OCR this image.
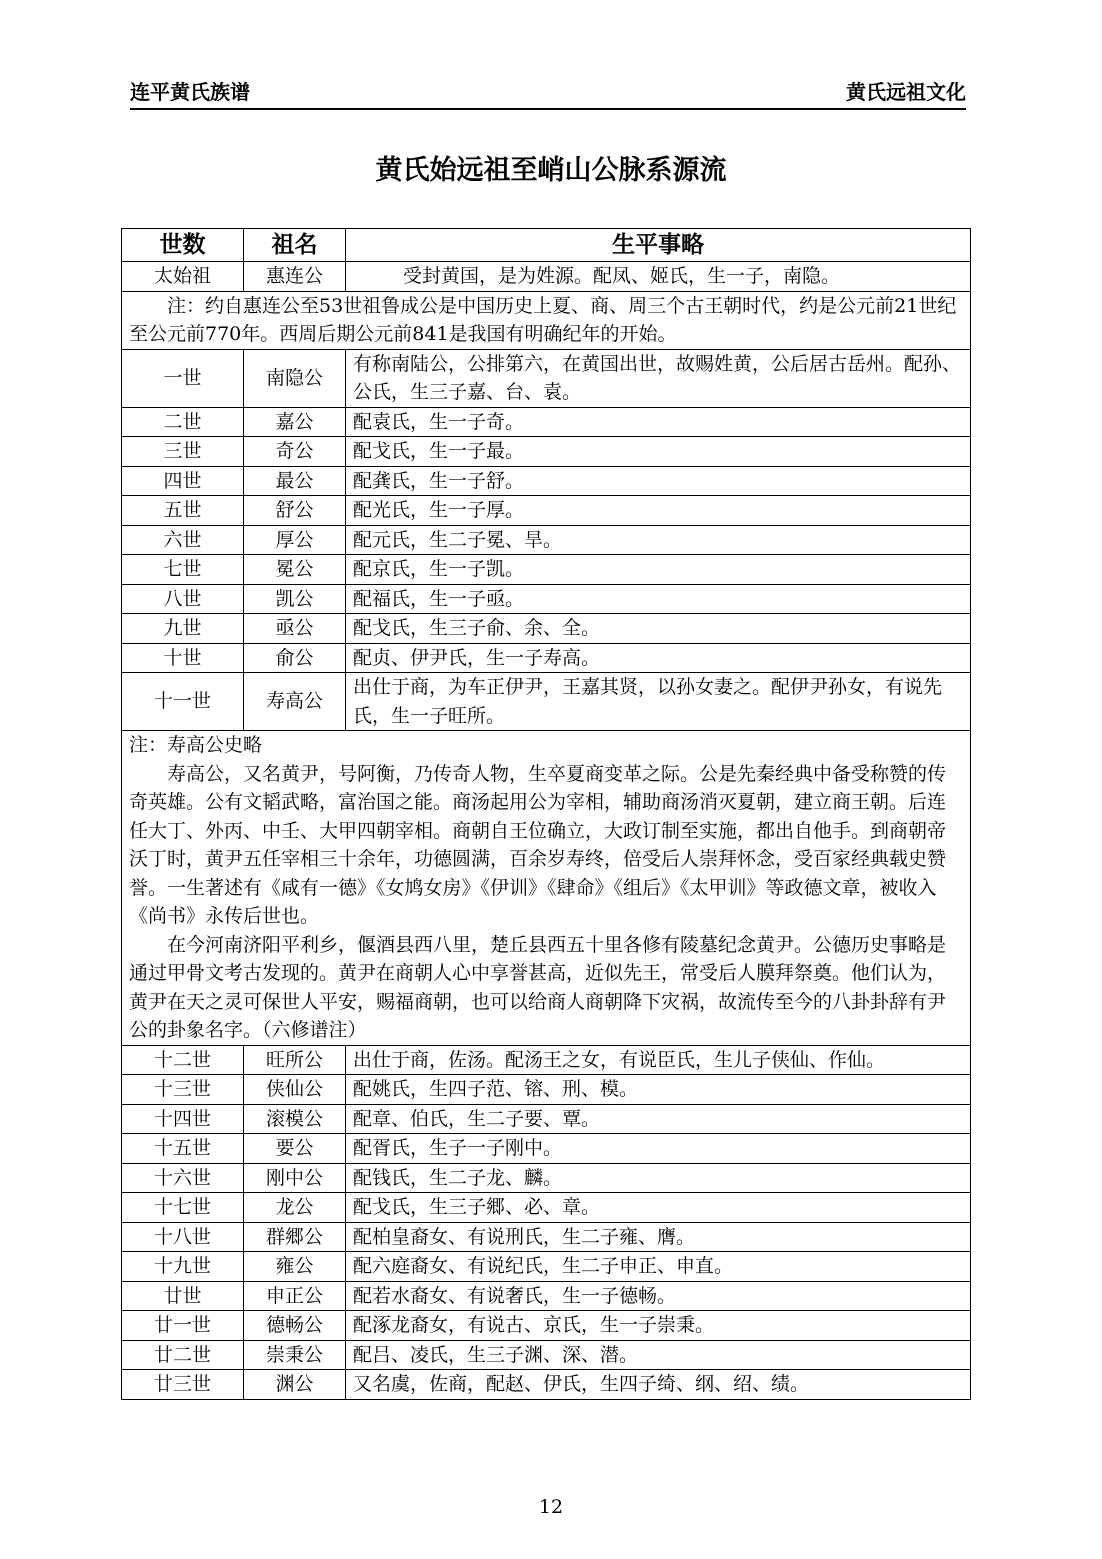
连平黄氏族谱	黄氏远祖文化
黄氏始远祖至峭山公脉系源流
世数	祖名	生平事略
太始祖	惠连公	受封黄国，是为姓源。配凤、姬氏，生一子，南隐。
注：约自惠连公至53世祖鲁成公是中国历史上夏、商、周三个古王朝时代，约是公元前21世纪至公元前770年。西周后期公元前841是我国有明确纪年的开始。		
一世	南隐公	有称南陆公，公排第六，在黄国出世，故赐姓黄，公后居古岳州。配孙、公氏，生三子嘉、台、袁。
二世	嘉公	配袁氏，生一子奇。
三世	奇公	配戈氏，生一子最。
四世	最公	配龚氏，生一子舒。
五世	舒公	配光氏，生一子厚。
六世	厚公	配元氏，生二子冕、旱。
七世	冕公	配京氏，生一子凯。
八世	凯公	配福氏，生一子亟。
九世	亟公	配戈氏，生三子俞、余、全。
十世	俞公	配贞、伊尹氏，生一子寿高。
十一世	寿高公	出仕于商，为车正伊尹，王嘉其贤，以孙女妻之。配伊尹孙女，有说先氏，生一子旺所。

注：寿高公史略

寿高公，又名黄尹，号阿衡，乃传奇人物，生卒夏商变革之际。公是先秦经典中备受称赞的传奇英雄。公有文韬武略，富治国之能。商汤起用公为宰相，辅助商汤消灭夏朝，建立商王朝。后连任大丁、外丙、中壬、大甲四朝宰相。商朝自王位确立，大政订制至实施，都出自他手。到商朝帝沃丁时，黄尹五任宰相三十余年，功德圆满，百余岁寿终，倍受后人崇拜怀念，受百家经典载史赞誉。一生著述有《咸有一德》《女鸠女房》《伊训》《肆命》《组后》《太甲训》等政德文章，被收入《尚书》永传后世也。

在今河南济阳平利乡，偃酒县西八里，楚丘县西五十里各修有陵墓纪念黄尹。公德历史事略是通过甲骨文考古发现的。黄尹在商朝人心中享誉甚高，近似先王，常受后人膜拜祭奠。他们认为，黄尹在天之灵可保世人平安，赐福商朝，也可以给商人商朝降下灾祸，故流传至今的八卦卦辞有尹公的卦象名字。（六修谱注）		

十二世	旺所公	出仕于商，佐汤。配汤王之女，有说臣氏，生儿子侠仙、作仙。
十三世	侠仙公	配姚氏，生四子范、镕、刑、模。
十四世	滚模公	配章、伯氏，生二子要、覃。
十五世	要公	配胥氏，生子一子刚中。
十六世	刚中公	配钱氏，生二子龙、麟。
十七世	龙公	配戈氏，生三子郷、必、章。
十八世	群郷公	配柏皇裔女、有说刑氏，生二子雍、膺。
十九世	雍公	配六庭裔女、有说纪氏，生二子申正、申直。
廿世	申正公	配若水裔女、有说奢氏，生一子德畅。
廿一世	德畅公	配涿龙裔女，有说古、京氏，生一子崇秉。
廿二世	崇秉公	配吕、凌氏，生三子渊、深、潜。
廿三世	渊公	又名虞，佐商，配赵、伊氏，生四子绮、纲、绍、绩。
12
